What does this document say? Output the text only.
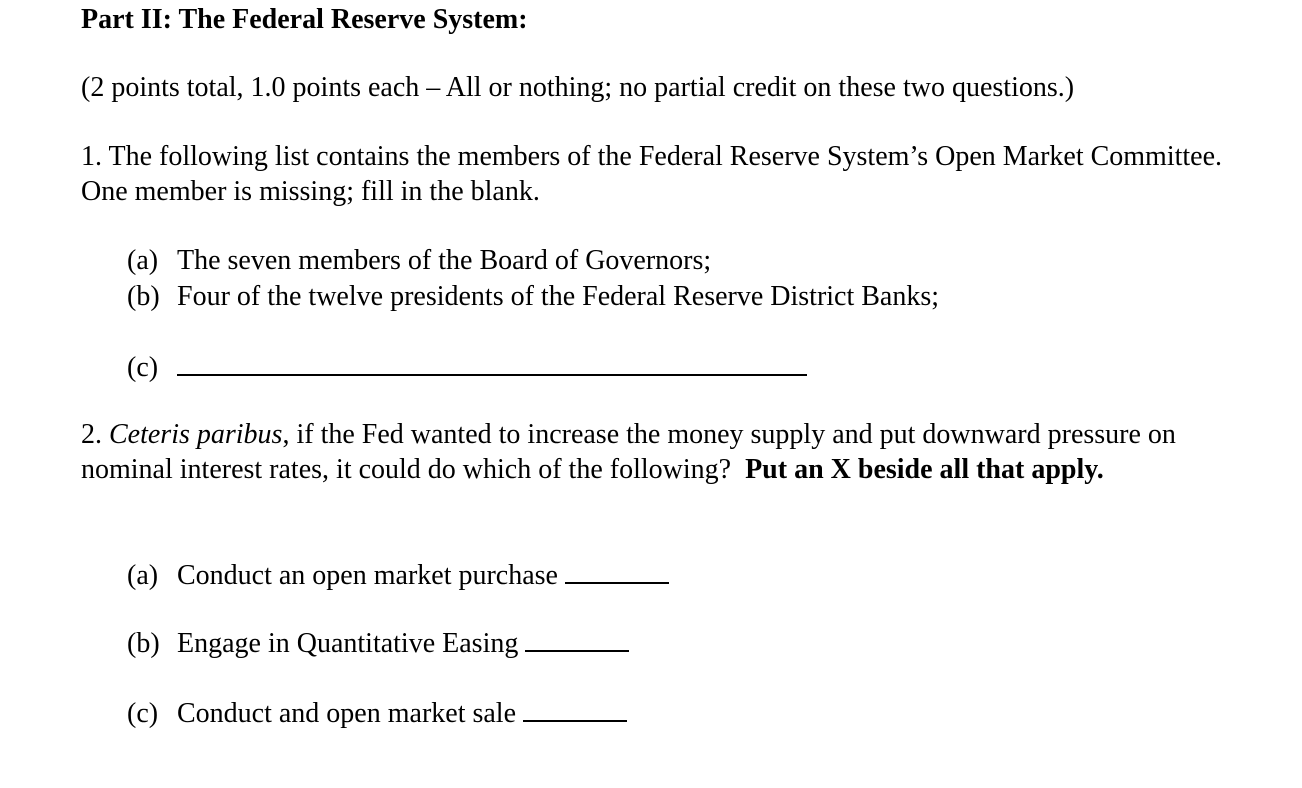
Part II: The Federal Reserve System:
(2 points total, 1.0 points each – All or nothing; no partial credit on these two questions.)
1. The following list contains the members of the Federal Reserve System’s Open Market Committee.
One member is missing; fill in the blank.
(a) The seven members of the Board of Governors;
(b) Four of the twelve presidents of the Federal Reserve District Banks;
(c)
2. Ceteris paribus, if the Fed wanted to increase the money supply and put downward pressure on
nominal interest rates, it could do which of the following? Put an X beside all that apply.
(a) Conduct an open market purchase
(b) Engage in Quantitative Easing
(c) Conduct and open market sale
